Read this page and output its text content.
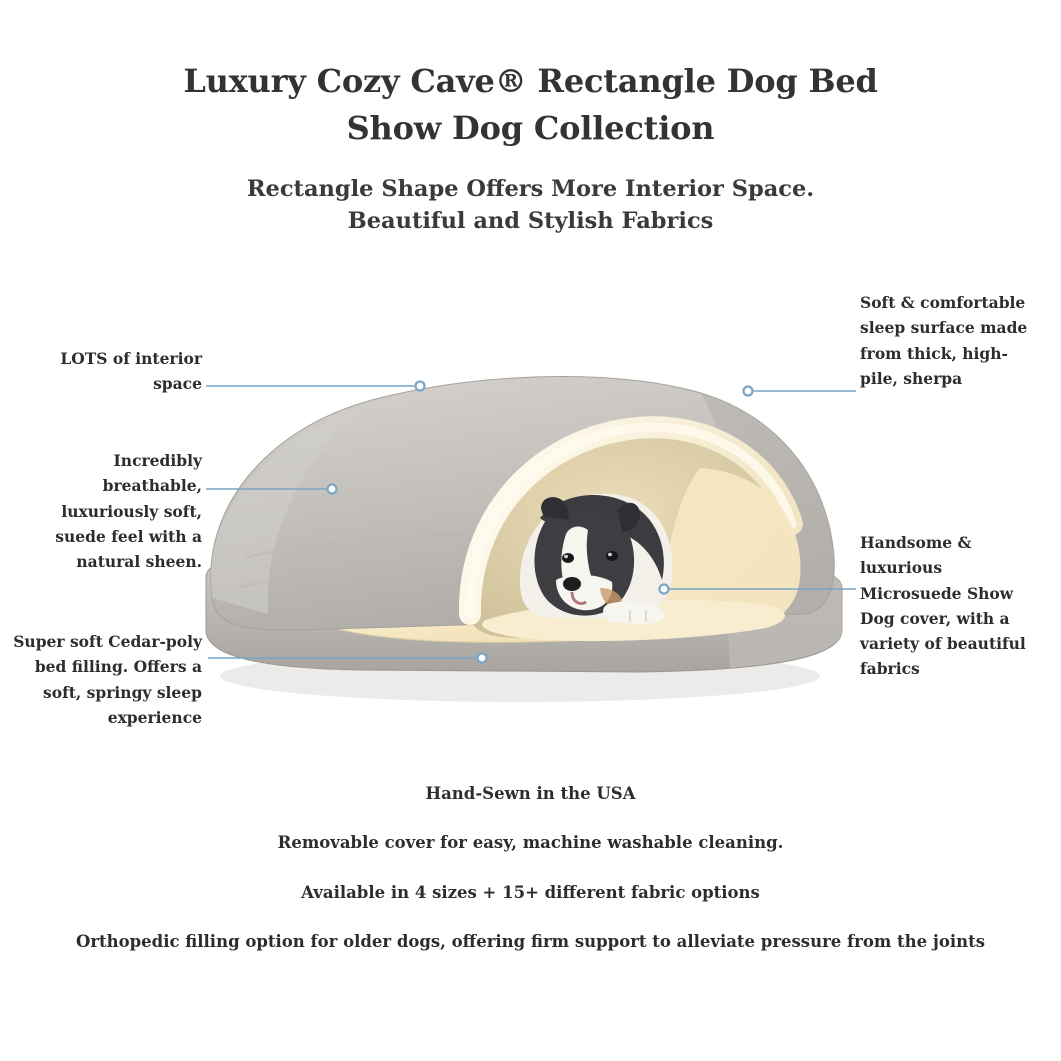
Luxury Cozy Cave® Rectangle Dog Bed
Show Dog Collection
Rectangle Shape Offers More Interior Space.
Beautiful and Stylish Fabrics
LOTS of interior space
Incredibly breathable, luxuriously soft, suede feel with a natural sheen.
Super soft Cedar-poly bed filling. Offers a soft, springy sleep experience
Soft & comfortable sleep surface made from thick, high-pile, sherpa
Handsome & luxurious Microsuede Show Dog cover, with a variety of beautiful fabrics
Hand-Sewn in the USA
Removable cover for easy, machine washable cleaning.
Available in 4 sizes + 15+ different fabric options
Orthopedic filling option for older dogs, offering firm support to alleviate pressure from the joints
